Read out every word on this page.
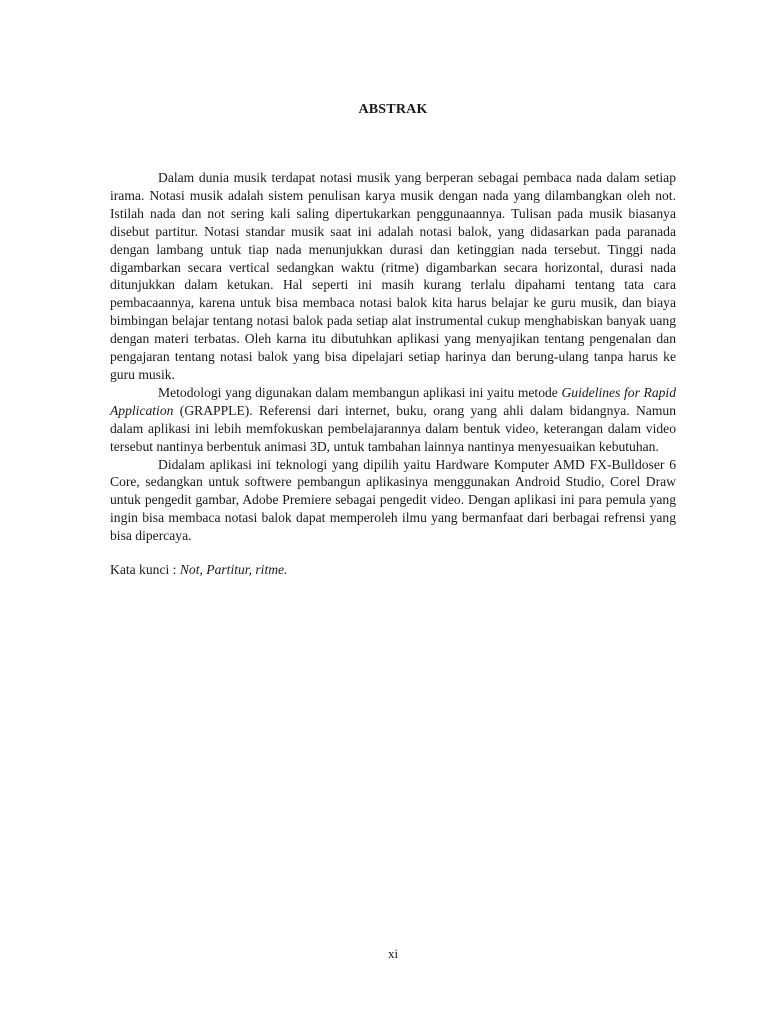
ABSTRAK

Dalam dunia musik terdapat notasi musik yang berperan sebagai pembaca nada dalam setiap irama. Notasi musik adalah sistem penulisan karya musik dengan nada yang dilambangkan oleh not. Istilah nada dan not sering kali saling dipertukarkan penggunaannya. Tulisan pada musik biasanya disebut partitur. Notasi standar musik saat ini adalah notasi balok, yang didasarkan pada paranada dengan lambang untuk tiap nada menunjukkan durasi dan ketinggian nada tersebut. Tinggi nada digambarkan secara vertical sedangkan waktu (ritme) digambarkan secara horizontal, durasi nada ditunjukkan dalam ketukan. Hal seperti ini masih kurang terlalu dipahami tentang tata cara pembacaannya, karena untuk bisa membaca notasi balok kita harus belajar ke guru musik, dan biaya bimbingan belajar tentang notasi balok pada setiap alat instrumental cukup menghabiskan banyak uang dengan materi terbatas. Oleh karna itu dibutuhkan aplikasi yang menyajikan tentang pengenalan dan pengajaran tentang notasi balok yang bisa dipelajari setiap harinya dan berung-ulang tanpa harus ke guru musik.

Metodologi yang digunakan dalam membangun aplikasi ini yaitu metode Guidelines for Rapid Application (GRAPPLE). Referensi dari internet, buku, orang yang ahli dalam bidangnya. Namun dalam aplikasi ini lebih memfokuskan pembelajarannya dalam bentuk video, keterangan dalam video tersebut nantinya berbentuk animasi 3D, untuk tambahan lainnya nantinya menyesuaikan kebutuhan.

Didalam aplikasi ini teknologi yang dipilih yaitu Hardware Komputer AMD FX-Bulldoser 6 Core, sedangkan untuk softwere pembangun aplikasinya menggunakan Android Studio, Corel Draw untuk pengedit gambar, Adobe Premiere sebagai pengedit video. Dengan aplikasi ini para pemula yang ingin bisa membaca notasi balok dapat memperoleh ilmu yang bermanfaat dari berbagai refrensi yang bisa dipercaya.

Kata kunci : Not, Partitur, ritme.

xi
